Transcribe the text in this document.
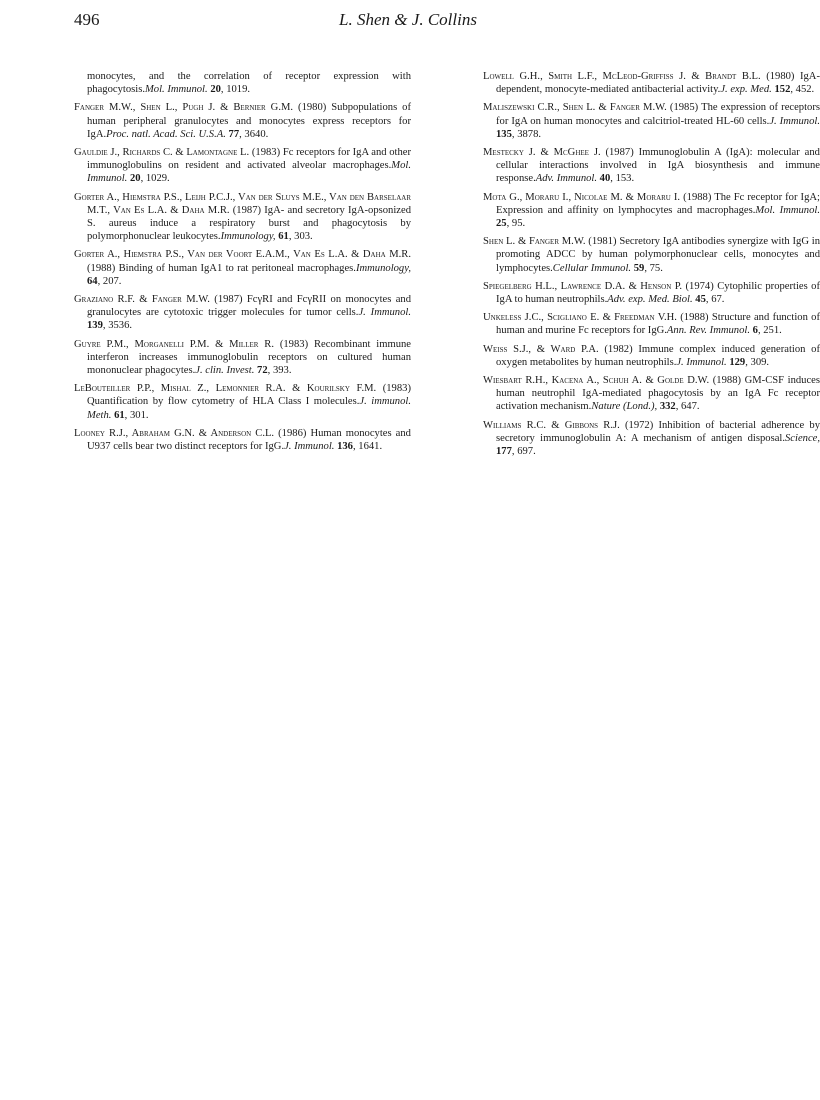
496	L. Shen & J. Collins

monocytes, and the correlation of receptor expression with phagocytosis.Mol. Immunol. 20, 1019.

Fanger M.W., Shen L., Pugh J. & Bernier G.M. (1980) Subpopulations of human peripheral granulocytes and monocytes express receptors for IgA.Proc. natl. Acad. Sci. U.S.A. 77, 3640.

Gauldie J., Richards C. & Lamontagne L. (1983) Fc receptors for IgA and other immunoglobulins on resident and activated alveolar macrophages.Mol. Immunol. 20, 1029.

Gorter A., Hiemstra P.S., Leijh P.C.J., Van der Sluys M.E., Van den Barselaar M.T., Van Es L.A. & Daha M.R. (1987) IgA- and secretory IgA-opsonized S. aureus induce a respiratory burst and phagocytosis by polymorphonuclear leukocytes.Immunology, 61, 303.

Gorter A., Hiemstra P.S., Van der Voort E.A.M., Van Es L.A. & Daha M.R. (1988) Binding of human IgA1 to rat peritoneal macrophages.Immunology, 64, 207.

Graziano R.F. & Fanger M.W. (1987) FcγRI and FcγRII on monocytes and granulocytes are cytotoxic trigger molecules for tumor cells.J. Immunol. 139, 3536.

Guyre P.M., Morganelli P.M. & Miller R. (1983) Recombinant immune interferon increases immunoglobulin receptors on cultured human mononuclear phagocytes.J. clin. Invest. 72, 393.

LeBouteiller P.P., Mishal Z., Lemonnier R.A. & Kourilsky F.M. (1983) Quantification by flow cytometry of HLA Class I molecules.J. immunol. Meth. 61, 301.

Looney R.J., Abraham G.N. & Anderson C.L. (1986) Human monocytes and U937 cells bear two distinct receptors for IgG.J. Immunol. 136, 1641.

Lowell G.H., Smith L.F., McLeod-Griffiss J. & Brandt B.L. (1980) IgA-dependent, monocyte-mediated antibacterial activity.J. exp. Med. 152, 452.

Maliszewski C.R., Shen L. & Fanger M.W. (1985) The expression of receptors for IgA on human monocytes and calcitriol-treated HL-60 cells.J. Immunol. 135, 3878.

Mestecky J. & McGhee J. (1987) Immunoglobulin A (IgA): molecular and cellular interactions involved in IgA biosynthesis and immune response.Adv. Immunol. 40, 153.

Mota G., Moraru I., Nicolae M. & Moraru I. (1988) The Fc receptor for IgA; Expression and affinity on lymphocytes and macrophages.Mol. Immunol. 25, 95.

Shen L. & Fanger M.W. (1981) Secretory IgA antibodies synergize with IgG in promoting ADCC by human polymorphonuclear cells, monocytes and lymphocytes.Cellular Immunol. 59, 75.

Spiegelberg H.L., Lawrence D.A. & Henson P. (1974) Cytophilic properties of IgA to human neutrophils.Adv. exp. Med. Biol. 45, 67.

Unkeless J.C., Scigliano E. & Freedman V.H. (1988) Structure and function of human and murine Fc receptors for IgG.Ann. Rev. Immunol. 6, 251.

Weiss S.J., & Ward P.A. (1982) Immune complex induced generation of oxygen metabolites by human neutrophils.J. Immunol. 129, 309.

Wiesbart R.H., Kacena A., Schuh A. & Golde D.W. (1988) GM-CSF induces human neutrophil IgA-mediated phagocytosis by an IgA Fc receptor activation mechanism.Nature (Lond.), 332, 647.

Williams R.C. & Gibbons R.J. (1972) Inhibition of bacterial adherence by secretory immunoglobulin A: A mechanism of antigen disposal.Science, 177, 697.
